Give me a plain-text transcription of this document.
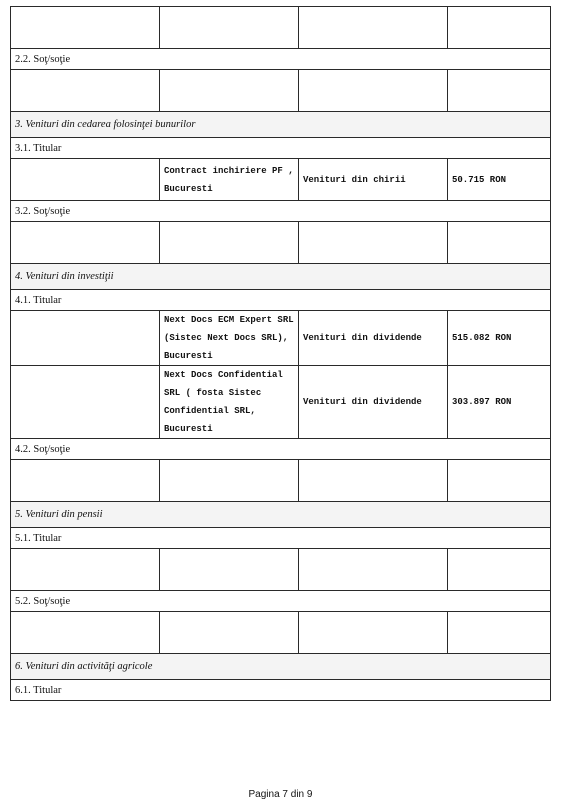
2.2. Soţ/soţie			

3. Venituri din cedarea folosinţei bunurilor			
3.1. Titular			
	Contract inchiriere PF , Bucuresti	Venituri din chirii	50.715 RON
3.2. Soţ/soţie			

4. Venituri din investiţii			
4.1. Titular			
	Next Docs ECM Expert SRL (Sistec Next Docs SRL), Bucuresti	Venituri din dividende	515.082 RON
	Next Docs Confidential SRL ( fosta Sistec Confidential SRL, Bucuresti	Venituri din dividende	303.897 RON
4.2. Soţ/soţie			

5. Venituri din pensii			
5.1. Titular			

5.2. Soţ/soţie			

6. Venituri din activităţi agricole			
6.1. Titular			
Pagina 7 din 9
